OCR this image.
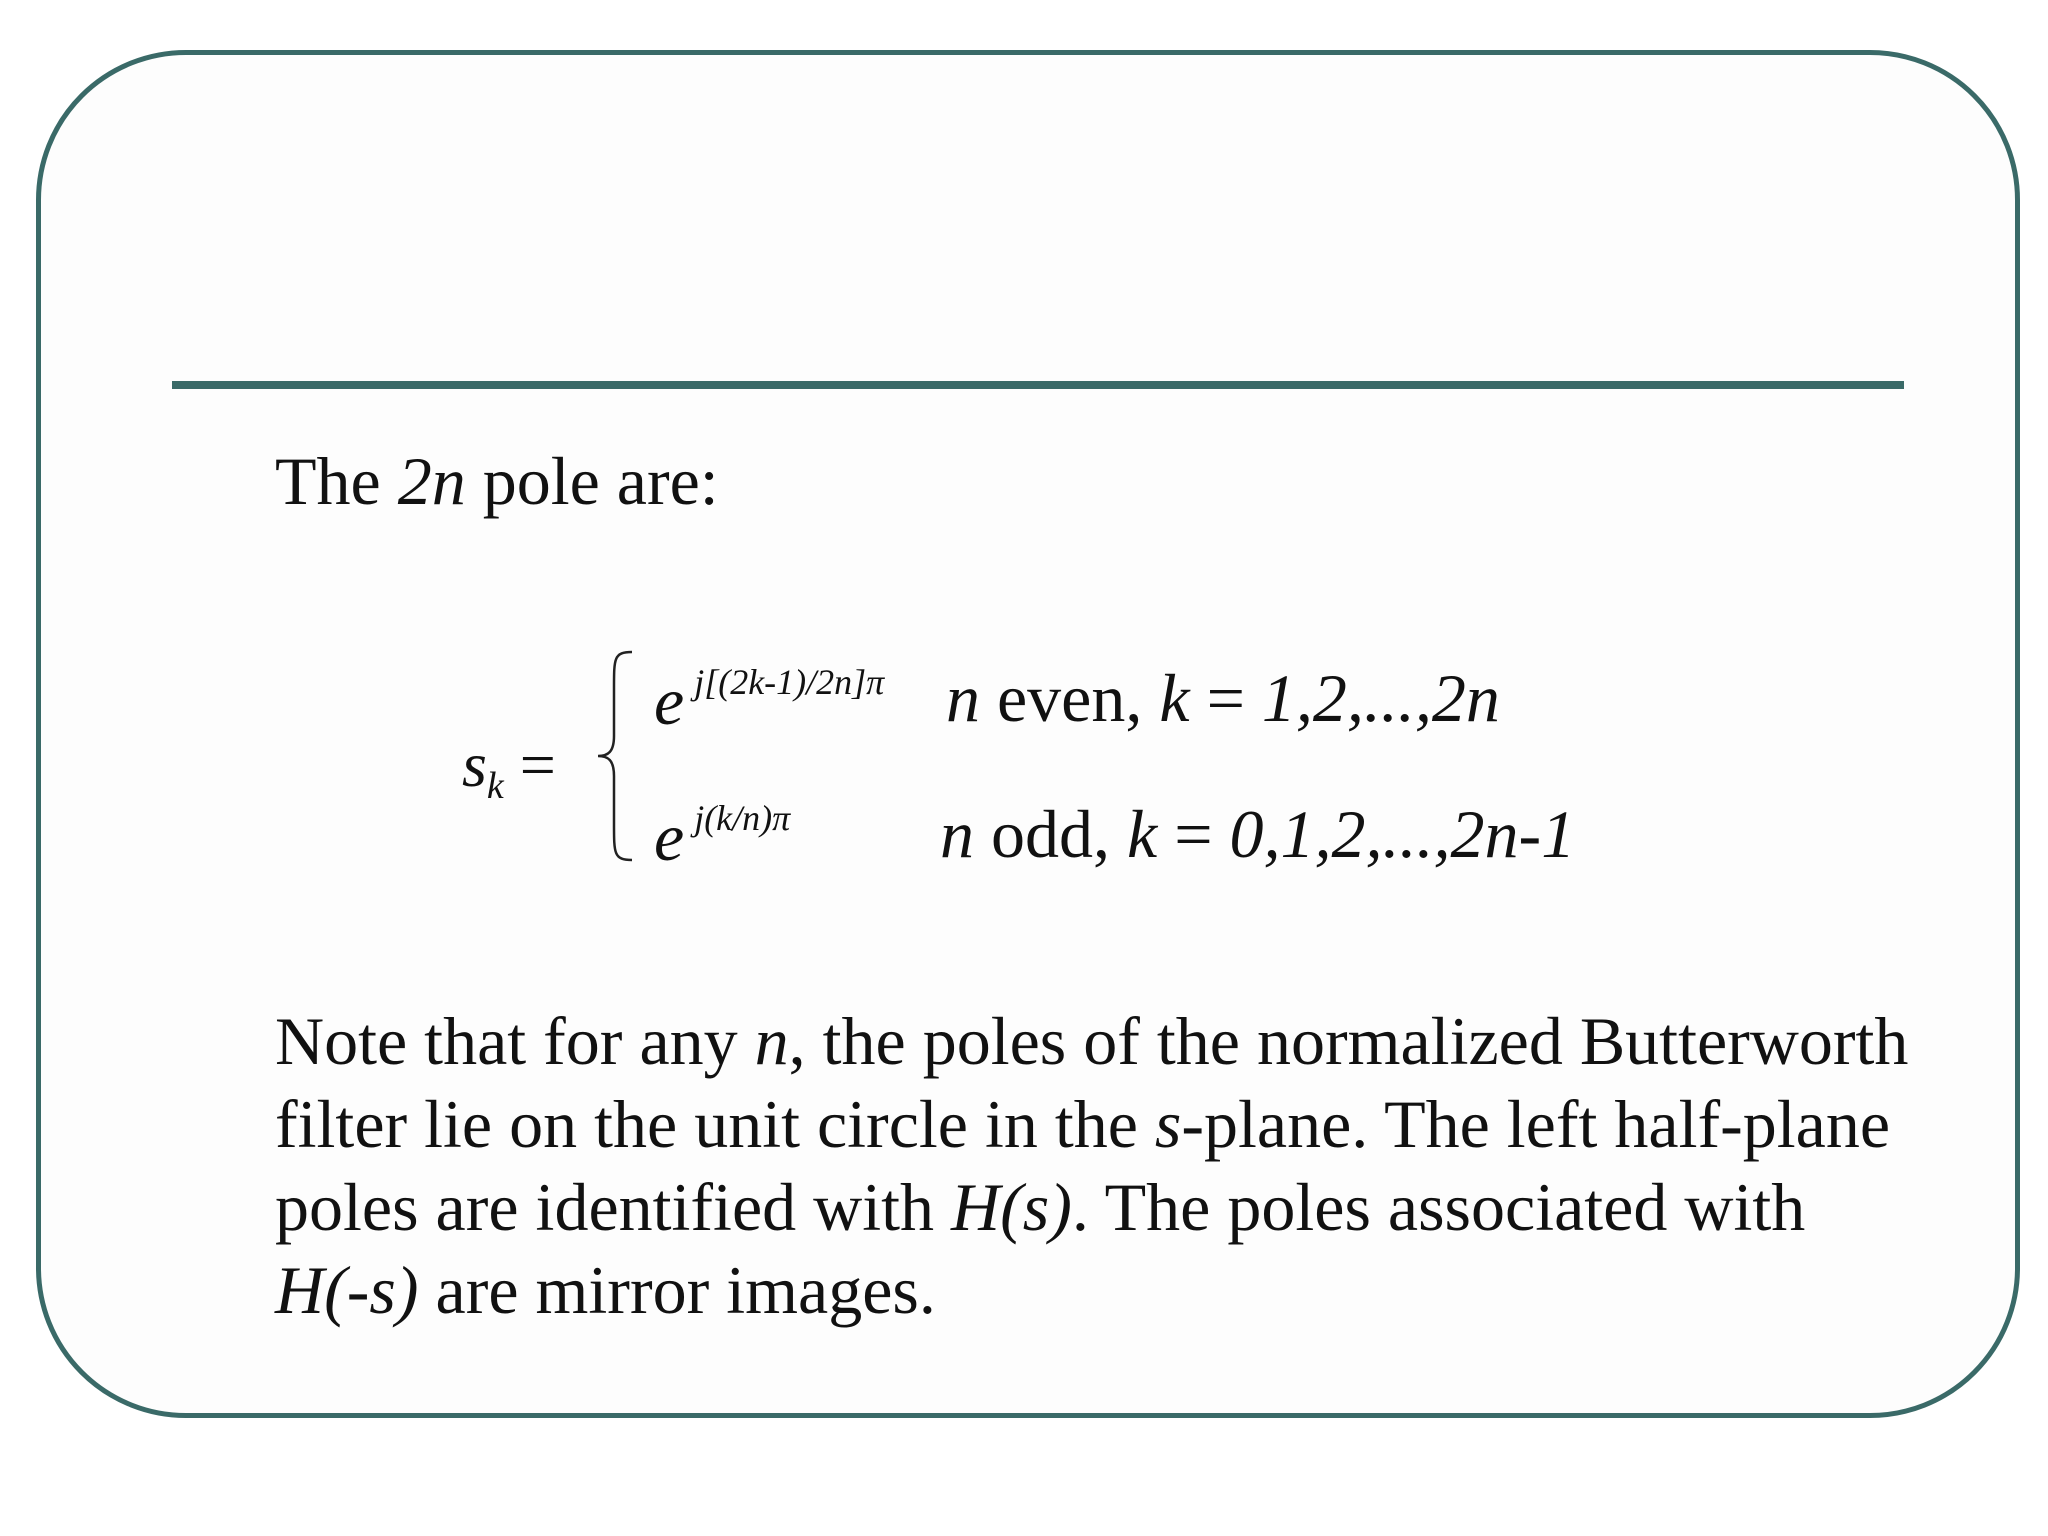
The 2n pole are:
$s_k$ =
e $^{j[(2k-1)/2n]\pi}$ n even, k = 1,2,...,2n
e $^{j(k/n)\pi}$ n odd, k = 0,1,2,...,2n-1
Note that for any n, the poles of the normalized Butterworth
filter lie on the unit circle in the s-plane. The left half-plane
poles are identified with H(s). The poles associated with
H(-s) are mirror images.
